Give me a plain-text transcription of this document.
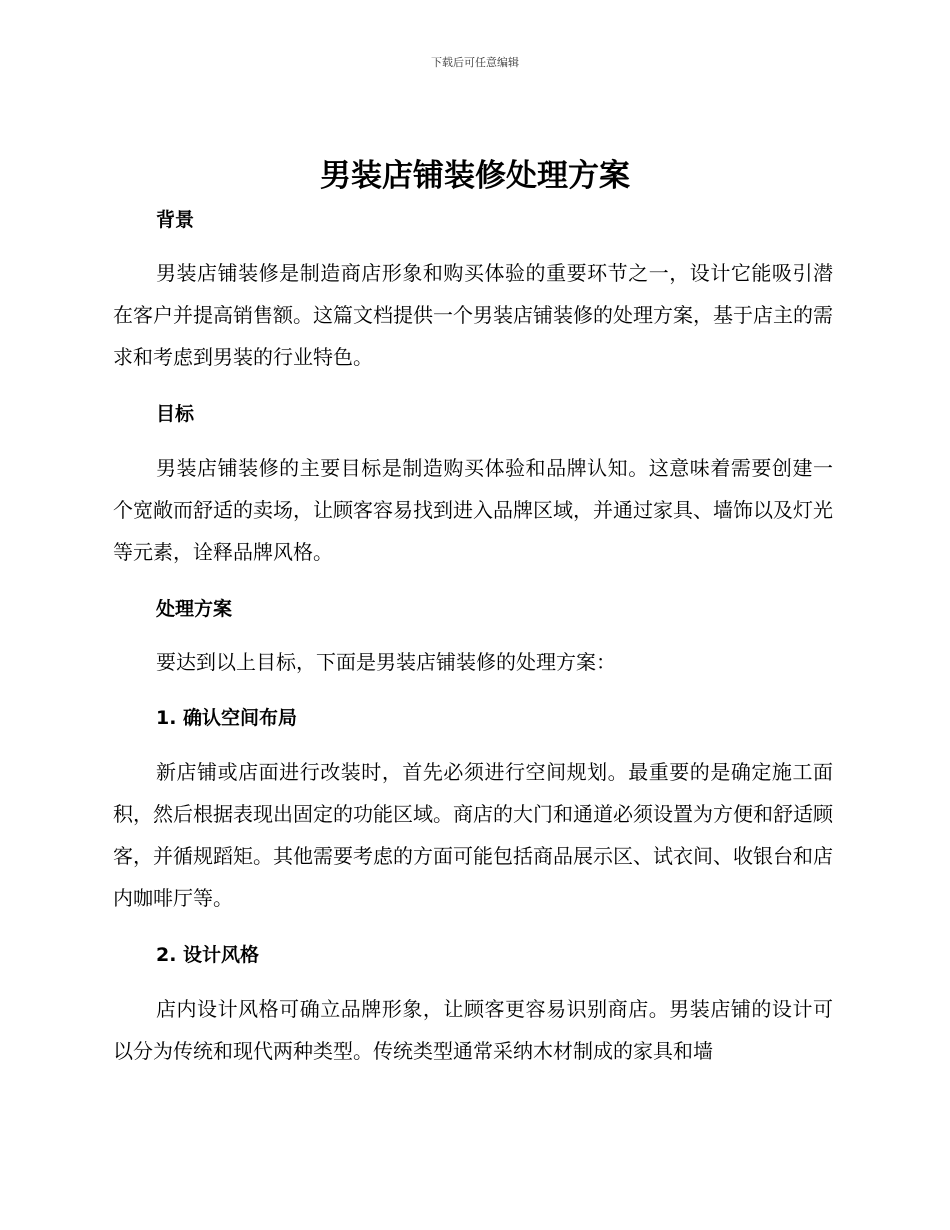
下载后可任意编辑
男装店铺装修处理方案
背景

男装店铺装修是制造商店形象和购买体验的重要环节之一，设计它能吸引潜在客户并提高销售额。这篇文档提供一个男装店铺装修的处理方案，基于店主的需求和考虑到男装的行业特色。

目标

男装店铺装修的主要目标是制造购买体验和品牌认知。这意味着需要创建一个宽敞而舒适的卖场，让顾客容易找到进入品牌区域，并通过家具、墙饰以及灯光等元素，诠释品牌风格。

处理方案

要达到以上目标，下面是男装店铺装修的处理方案：

1. 确认空间布局

新店铺或店面进行改装时，首先必须进行空间规划。最重要的是确定施工面积，然后根据表现出固定的功能区域。商店的大门和通道必须设置为方便和舒适顾客，并循规蹈矩。其他需要考虑的方面可能包括商品展示区、试衣间、收银台和店内咖啡厅等。

2. 设计风格

店内设计风格可确立品牌形象，让顾客更容易识别商店。男装店铺的设计可以分为传统和现代两种类型。传统类型通常采纳木材制成的家具和墙
